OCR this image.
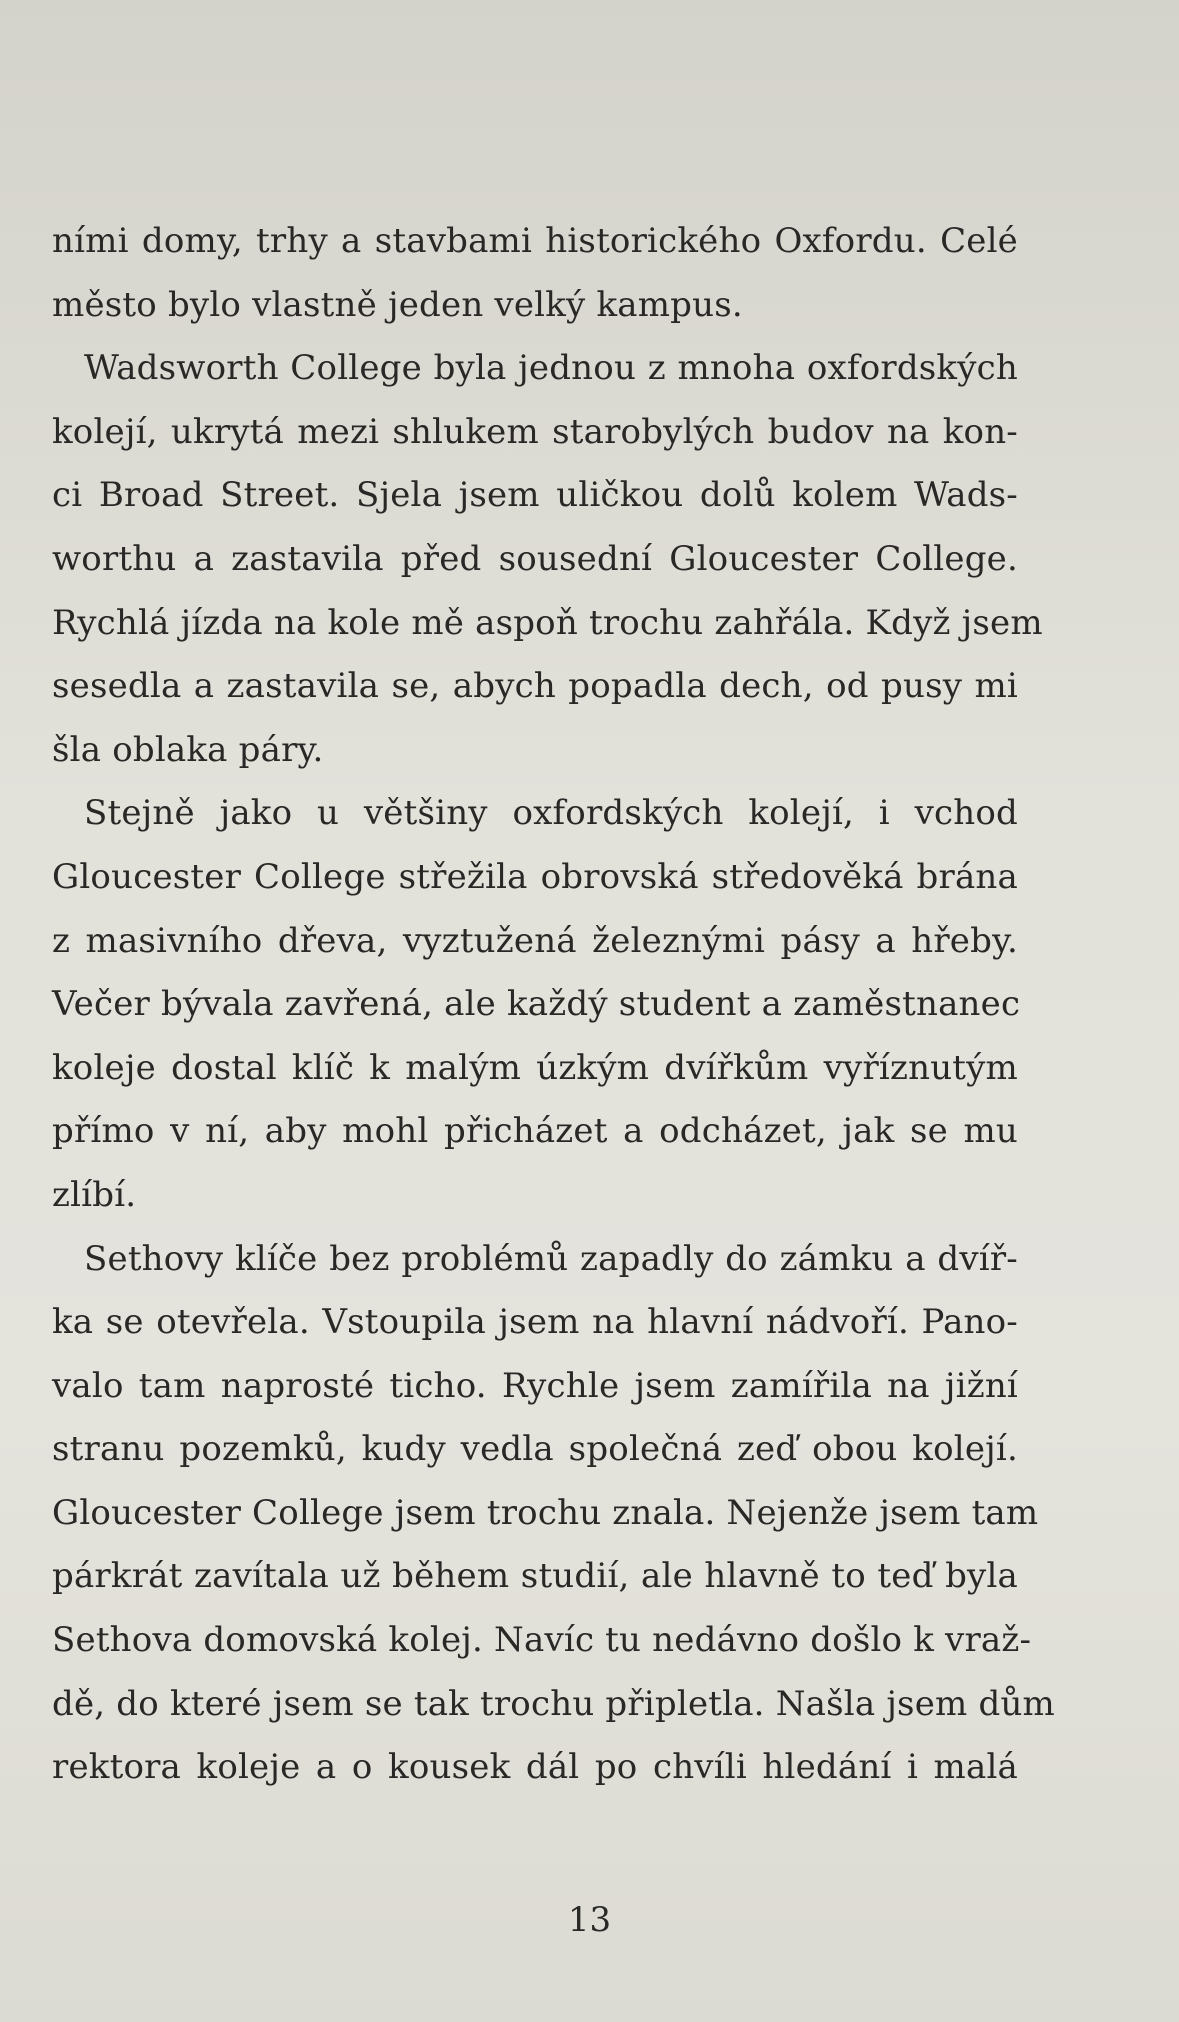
ními domy, trhy a stavbami historického Oxfordu. Celé
město bylo vlastně jeden velký kampus.
Wadsworth College byla jednou z mnoha oxfordských
kolejí, ukrytá mezi shlukem starobylých budov na kon-
ci Broad Street. Sjela jsem uličkou dolů kolem Wads-
worthu a zastavila před sousední Gloucester College.
Rychlá jízda na kole mě aspoň trochu zahřála. Když jsem
sesedla a zastavila se, abych popadla dech, od pusy mi
šla oblaka páry.
Stejně jako u většiny oxfordských kolejí, i vchod
Gloucester College střežila obrovská středověká brána
z masivního dřeva, vyztužená železnými pásy a hřeby.
Večer bývala zavřená, ale každý student a zaměstnanec
koleje dostal klíč k malým úzkým dvířkům vyříznutým
přímo v ní, aby mohl přicházet a odcházet, jak se mu
zlíbí.
Sethovy klíče bez problémů zapadly do zámku a dvíř-
ka se otevřela. Vstoupila jsem na hlavní nádvoří. Pano-
valo tam naprosté ticho. Rychle jsem zamířila na jižní
stranu pozemků, kudy vedla společná zeď obou kolejí.
Gloucester College jsem trochu znala. Nejenže jsem tam
párkrát zavítala už během studií, ale hlavně to teď byla
Sethova domovská kolej. Navíc tu nedávno došlo k vraž-
dě, do které jsem se tak trochu připletla. Našla jsem dům
rektora koleje a o kousek dál po chvíli hledání i malá
13
